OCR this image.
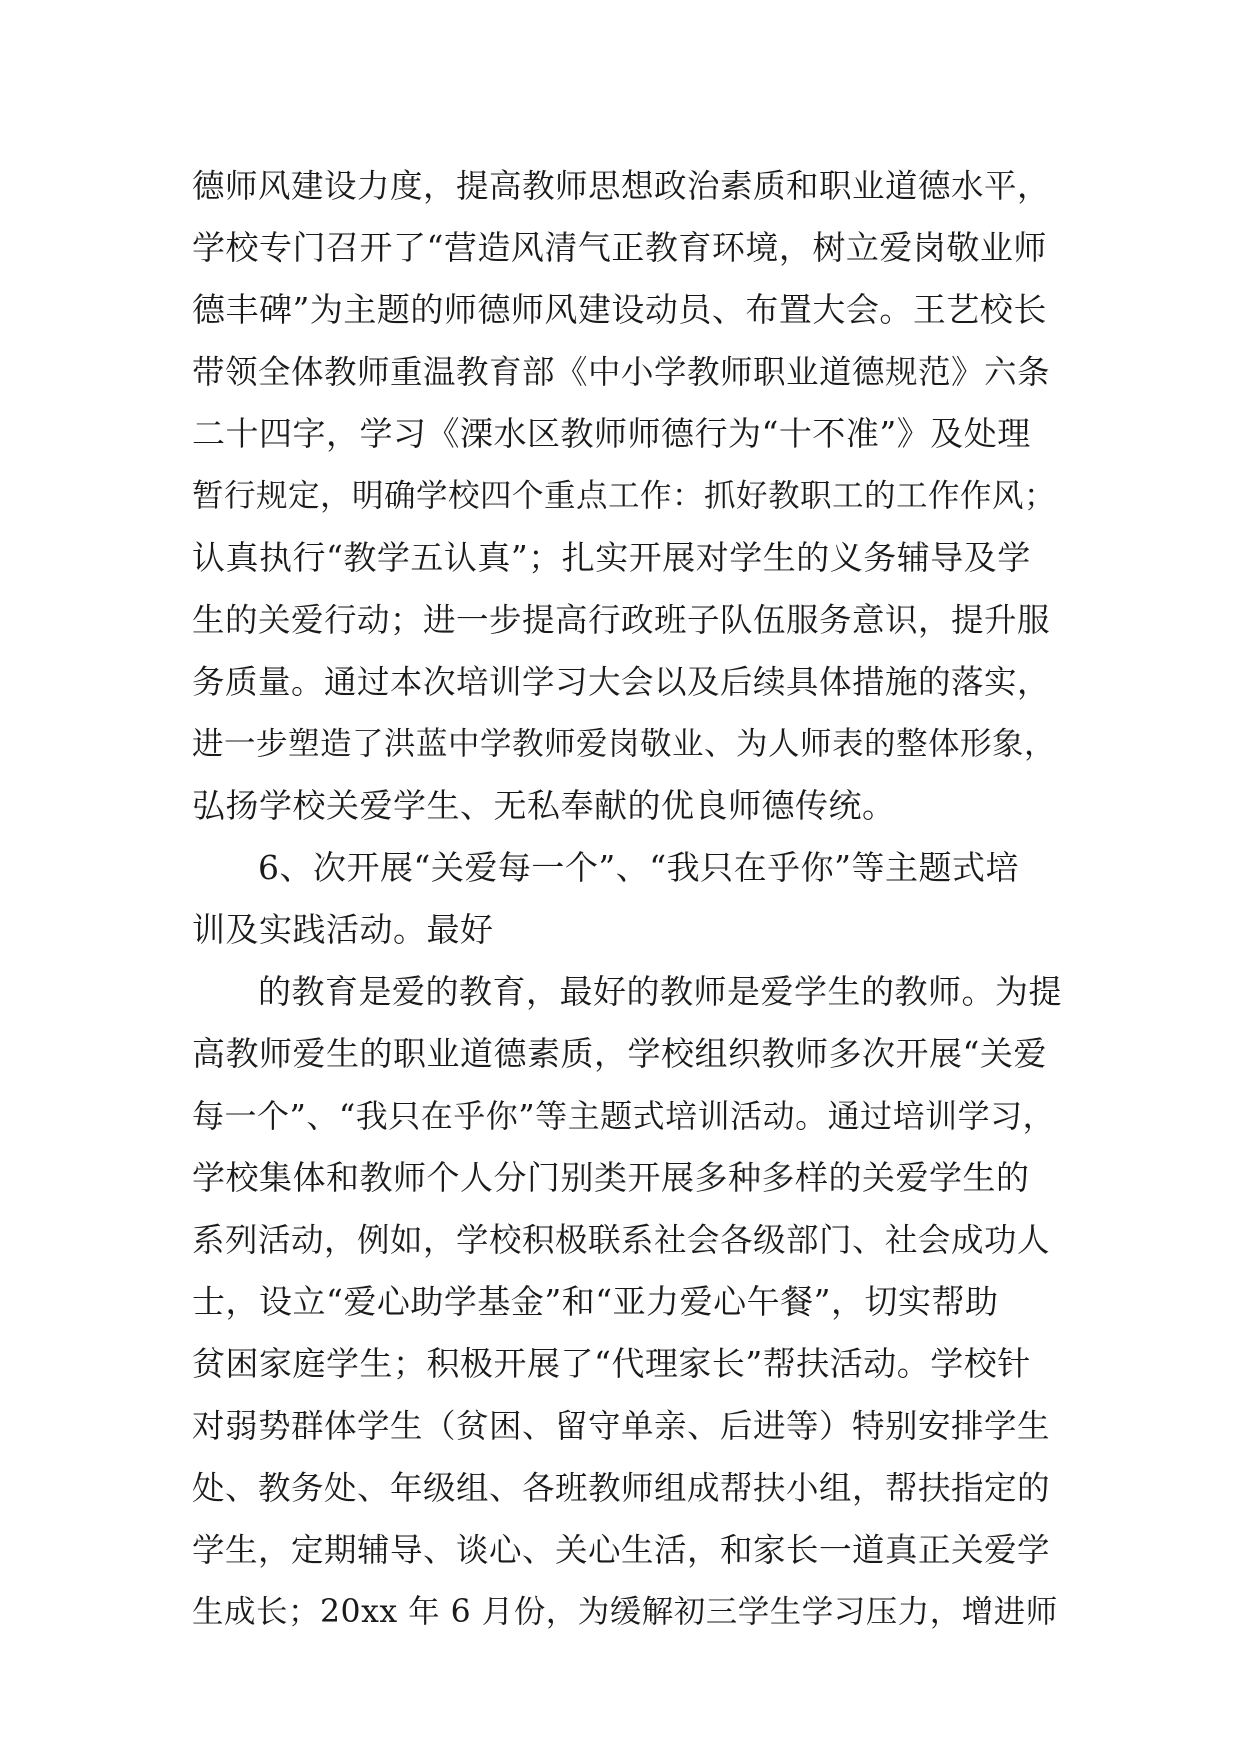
德师风建设力度，提高教师思想政治素质和职业道德水平，
学校专门召开了“营造风清气正教育环境，树立爱岗敬业师
德丰碑”为主题的师德师风建设动员、布置大会。王艺校长
带领全体教师重温教育部《中小学教师职业道德规范》六条
二十四字，学习《溧水区教师师德行为“十不准”》及处理
暂行规定，明确学校四个重点工作：抓好教职工的工作作风；
认真执行“教学五认真”；扎实开展对学生的义务辅导及学
生的关爱行动；进一步提高行政班子队伍服务意识，提升服
务质量。通过本次培训学习大会以及后续具体措施的落实，
进一步塑造了洪蓝中学教师爱岗敬业、为人师表的整体形象，
弘扬学校关爱学生、无私奉献的优良师德传统。
6、次开展“关爱每一个”、“我只在乎你”等主题式培
训及实践活动。最好
的教育是爱的教育，最好的教师是爱学生的教师。为提
高教师爱生的职业道德素质，学校组织教师多次开展“关爱
每一个”、“我只在乎你”等主题式培训活动。通过培训学习，
学校集体和教师个人分门别类开展多种多样的关爱学生的
系列活动，例如，学校积极联系社会各级部门、社会成功人
士，设立“爱心助学基金”和“亚力爱心午餐”，切实帮助
贫困家庭学生；积极开展了“代理家长”帮扶活动。学校针
对弱势群体学生（贫困、留守单亲、后进等）特别安排学生
处、教务处、年级组、各班教师组成帮扶小组，帮扶指定的
学生，定期辅导、谈心、关心生活，和家长一道真正关爱学
生成长；20xx 年 6 月份，为缓解初三学生学习压力，增进师
